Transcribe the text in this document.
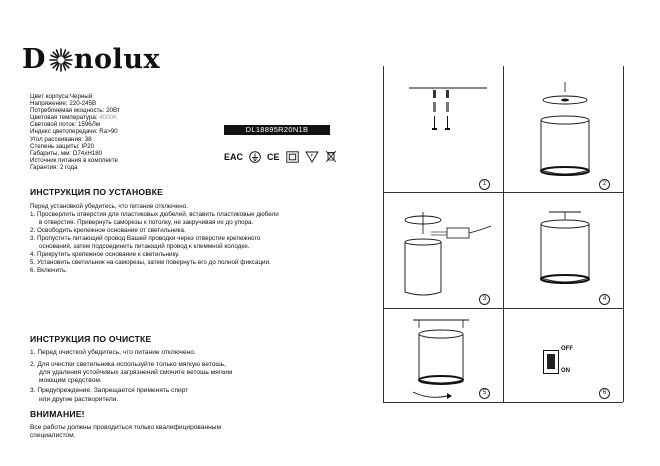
D nolux
Цвет корпуса:Черный
Напряжение: 220-245В
Потребляемая мощность: 20Вт
Цветовая температура: 4000K
Световой поток: 1596Лм
Индекс цветопередачи: Ra>90
Угол рассеивания: 38
Степень защиты: IP20
Габариты, мм: D74xH180
Источник питания в комплекте
Гарантия: 2 года
DL18895R20N1B
EAC	CE	F
ИНСТРУКЦИЯ ПО УСТАНОВКЕ

Перед установкой убедитесь, что питание отключено.

1. Просверлить отверстия для пластиковых дюбелей, вставить пластиковые дюбели

в отверстия. Привернуть саморезы к потолку, не закручивая их до упора.

2. Освободить крепежное основание от светильника.

3. Пропустить питающий провод Вашей проводки через отверстие крепежного

основания, затем подсоединить питающий провод к клеммной колодке.

4. Прикрутить крепежное основание к светильнику.

5. Установить светильник на саморезы, затем повернуть его до полной фиксации.

6. Включить.

ИНСТРУКЦИЯ ПО ОЧИСТКЕ

1. Перед очисткой убедитесь, что питание отключено.

2. Для очистки светильника используйте только мягкую ветошь,

для удаления устойчивых загрязнений смочите ветошь мягким

моющим средством.

3. Предупреждение. Запрещается применять спирт

или другие растворители.

ВНИМАНИЕ!

Все работы должны проводиться только квалифицированным

специалистом.

1	2
3	4
5
OFF
ON
6
